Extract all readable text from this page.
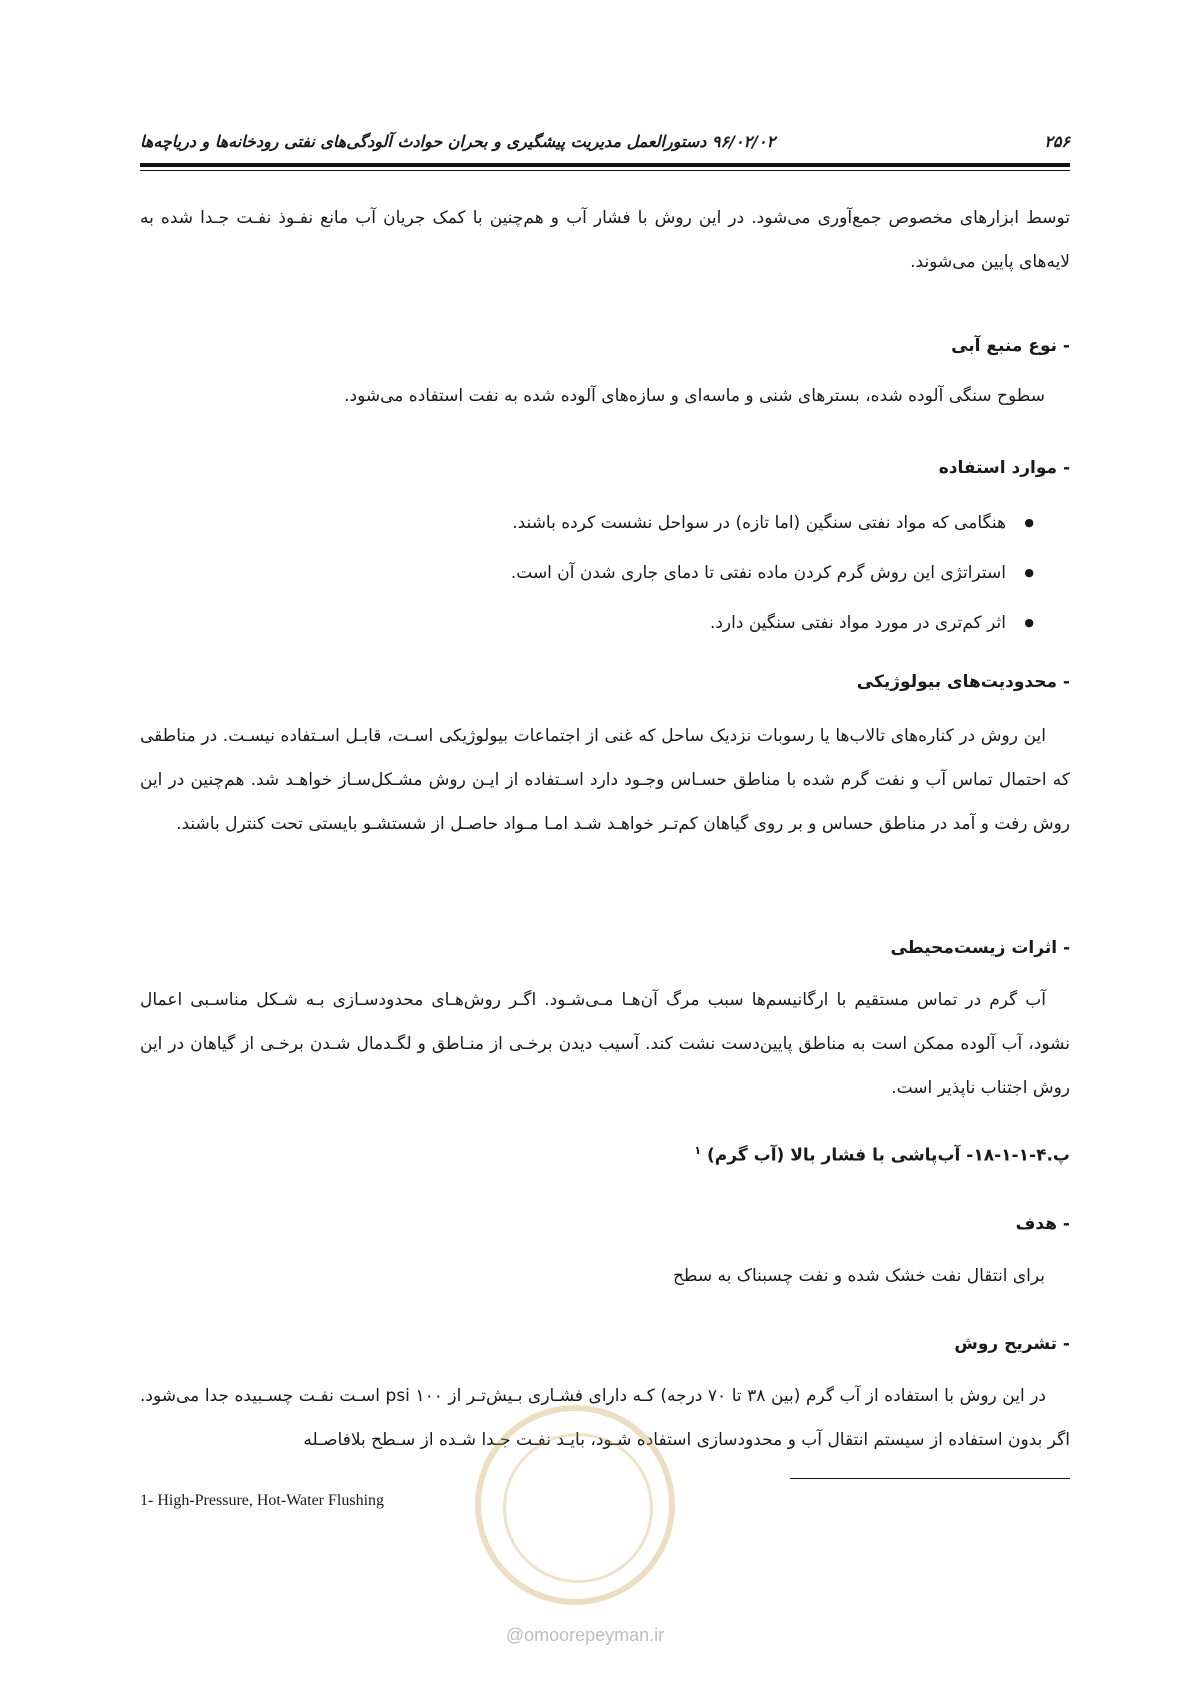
۲۵۶
۹۶/۰۲/۰۲ دستورالعمل مدیریت پیشگیری و بحران حوادث آلودگی‌های نفتی رودخانه‌ها و دریاچه‌ها
توسط ابزارهای مخصوص جمع‌آوری می‌شود. در این روش با فشار آب و هم‌چنین با کمک جریان آب مانع نفـوذ نفـت جـدا شده به لایه‌های پایین می‌شوند.
- نوع منبع آبی
سطوح سنگی آلوده شده، بسترهای شنی و ماسه‌ای و سازه‌های آلوده شده به نفت استفاده می‌شود.
- موارد استفاده
● هنگامی که مواد نفتی سنگین (اما تازه) در سواحل نشست کرده باشند.
● استراتژی این روش گرم کردن ماده نفتی تا دمای جاری شدن آن است.
● اثر کم‌تری در مورد مواد نفتی سنگین دارد.
- محدودیت‌های بیولوژیکی
این روش در کناره‌های تالاب‌ها یا رسوبات نزدیک ساحل که غنی از اجتماعات بیولوژیکی اسـت، قابـل اسـتفاده نیسـت. در مناطقی که احتمال تماس آب و نفت گرم شده با مناطق حسـاس وجـود دارد اسـتفاده از ایـن روش مشـکل‌سـاز خواهـد شد. هم‌چنین در این روش رفت و آمد در مناطق حساس و بر روی گیاهان کم‌تـر خواهـد شـد امـا مـواد حاصـل از شستشـو بایستی تحت کنترل باشند.
- اثرات زیست‌محیطی
آب گرم در تماس مستقیم با ارگانیسم‌ها سبب مرگ آن‌هـا مـی‌شـود. اگـر روش‌هـای محدودسـازی بـه شـکل مناسـبی اعمال نشود، آب آلوده ممکن است به مناطق پایین‌دست نشت کند. آسیب دیدن برخـی از منـاطق و لگـدمال شـدن برخـی از گیاهان در این روش اجتناب ناپذیر است.
پ.۴-۱-۱-۱۸- آب‌پاشی با فشار بالا (آب گرم) $^۱$
- هدف
برای انتقال نفت خشک شده و نفت چسبناک به سطح
- تشریح روش
در این روش با استفاده از آب گرم (بین ۳۸ تا ۷۰ درجه) کـه دارای فشـاری بـیش‌تـر از ۱۰۰ psi اسـت نفـت چسـبیده جدا می‌شود. اگر بدون استفاده از سیستم انتقال آب و محدودسازی استفاده شـود، بایـد نفـت جـدا شـده از سـطح بلافاصـله
1- High-Pressure, Hot-Water Flushing
@omoorepeyman.ir
